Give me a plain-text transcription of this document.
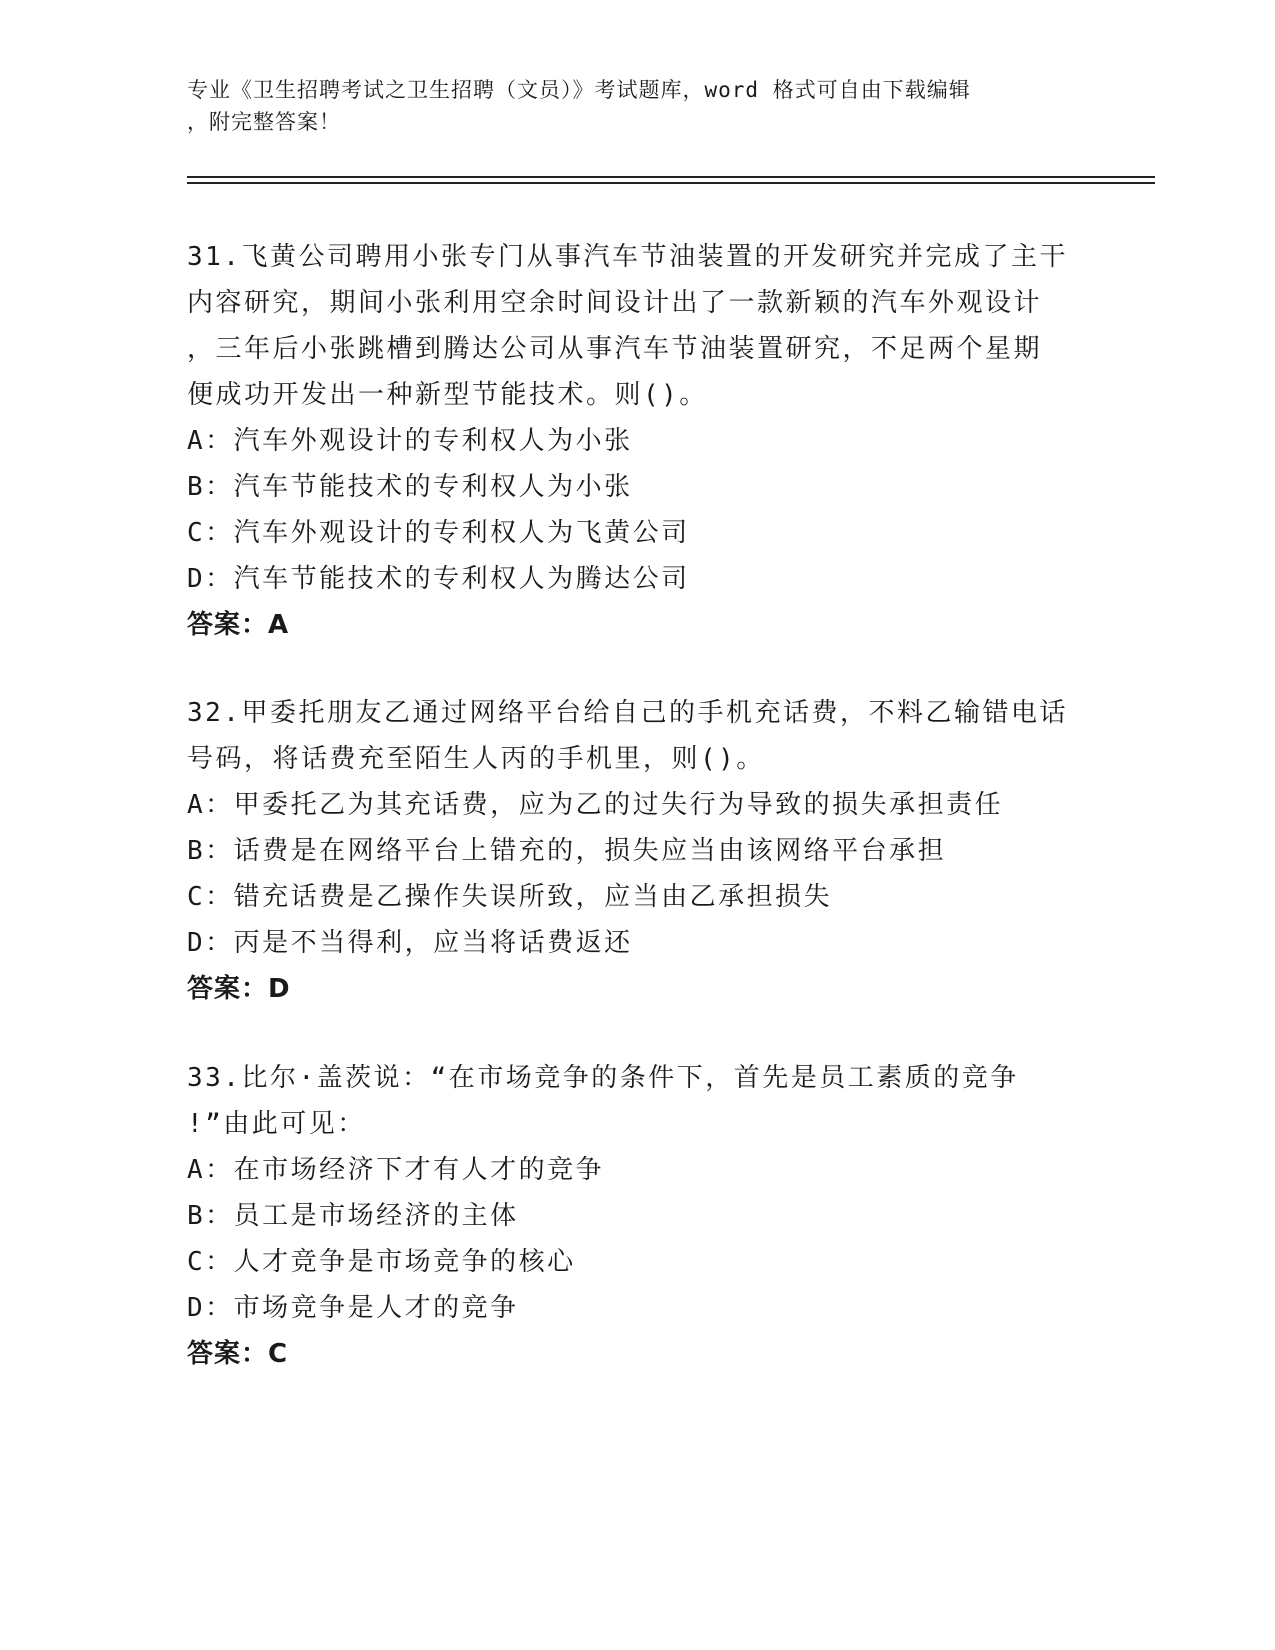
专业《卫生招聘考试之卫生招聘（文员）》考试题库，word 格式可自由下载编辑
，附完整答案！

31.飞黄公司聘用小张专门从事汽车节油装置的开发研究并完成了主干

内容研究，期间小张利用空余时间设计出了一款新颖的汽车外观设计

，三年后小张跳槽到腾达公司从事汽车节油装置研究，不足两个星期

便成功开发出一种新型节能技术。则()。

A：汽车外观设计的专利权人为小张

B：汽车节能技术的专利权人为小张

C：汽车外观设计的专利权人为飞黄公司

D：汽车节能技术的专利权人为腾达公司

答案：A

32.甲委托朋友乙通过网络平台给自己的手机充话费，不料乙输错电话

号码，将话费充至陌生人丙的手机里，则()。

A：甲委托乙为其充话费，应为乙的过失行为导致的损失承担责任

B：话费是在网络平台上错充的，损失应当由该网络平台承担

C：错充话费是乙操作失误所致，应当由乙承担损失

D：丙是不当得利，应当将话费返还

答案：D

33.比尔·盖茨说：“在市场竞争的条件下，首先是员工素质的竞争

!”由此可见：

A：在市场经济下才有人才的竞争

B：员工是市场经济的主体

C：人才竞争是市场竞争的核心

D：市场竞争是人才的竞争

答案：C
